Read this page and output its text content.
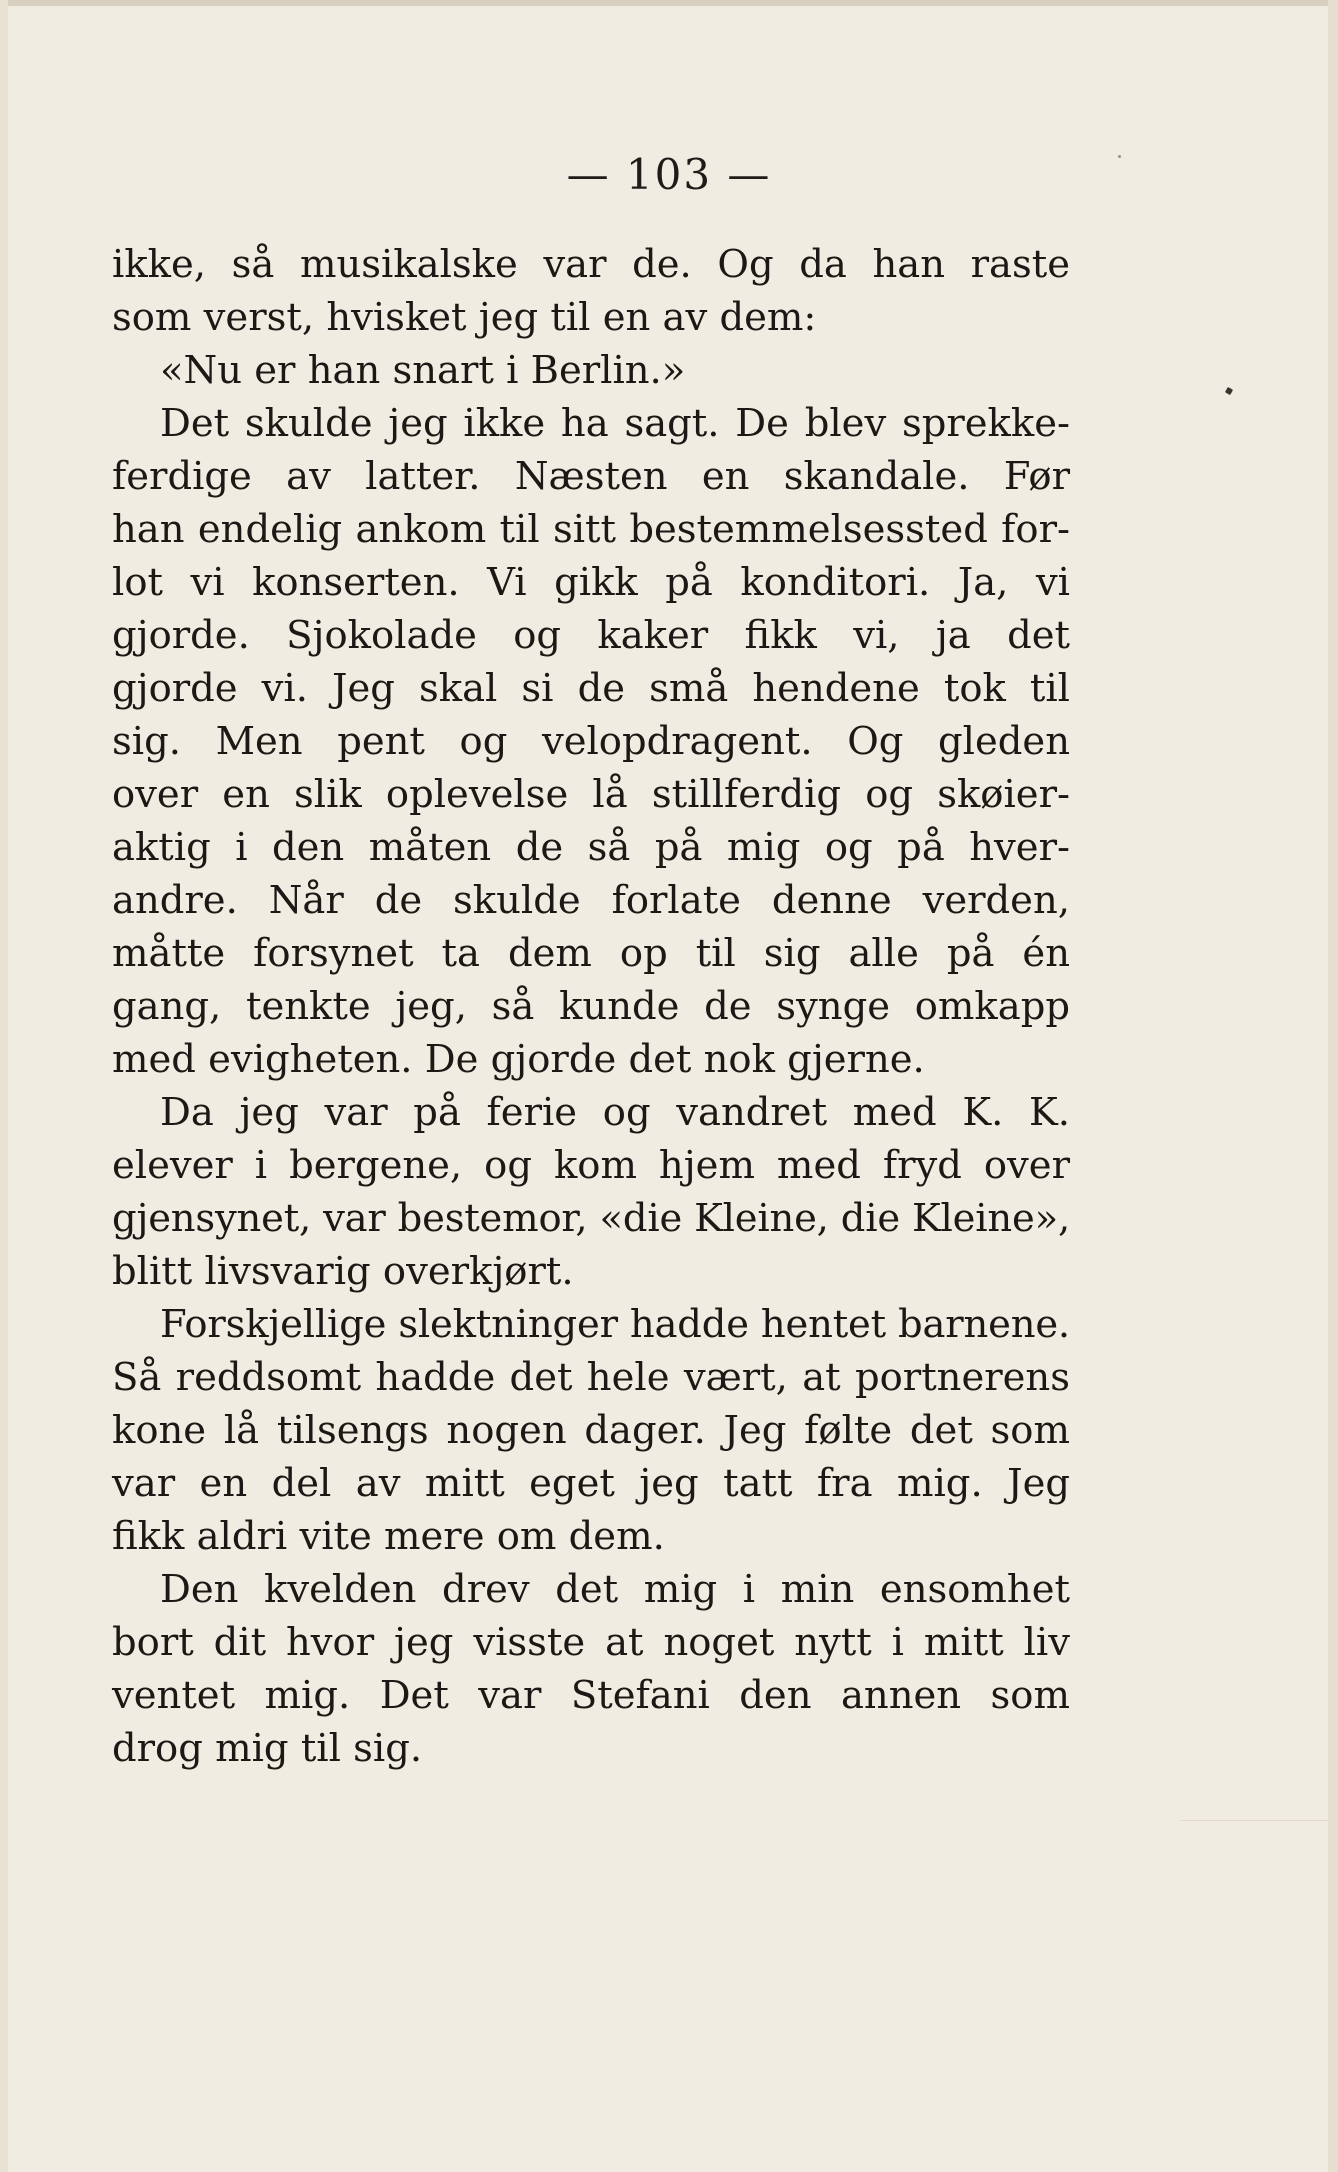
— 103 —
ikke, så musikalske var de. Og da han raste
som verst, hvisket jeg til en av dem:
«Nu er han snart i Berlin.»
Det skulde jeg ikke ha sagt. De blev sprekke-
ferdige av latter. Næsten en skandale. Før
han endelig ankom til sitt bestemmelsessted for-
lot vi konserten. Vi gikk på konditori. Ja, vi
gjorde. Sjokolade og kaker fikk vi, ja det
gjorde vi. Jeg skal si de små hendene tok til
sig. Men pent og velopdragent. Og gleden
over en slik oplevelse lå stillferdig og skøier-
aktig i den måten de så på mig og på hver-
andre. Når de skulde forlate denne verden,
måtte forsynet ta dem op til sig alle på én
gang, tenkte jeg, så kunde de synge omkapp
med evigheten. De gjorde det nok gjerne.
Da jeg var på ferie og vandret med K. K.
elever i bergene, og kom hjem med fryd over
gjensynet, var bestemor, «die Kleine, die Kleine»,
blitt livsvarig overkjørt.
Forskjellige slektninger hadde hentet barnene.
Så reddsomt hadde det hele vært, at portnerens
kone lå tilsengs nogen dager. Jeg følte det som
var en del av mitt eget jeg tatt fra mig. Jeg
fikk aldri vite mere om dem.
Den kvelden drev det mig i min ensomhet
bort dit hvor jeg visste at noget nytt i mitt liv
ventet mig. Det var Stefani den annen som
drog mig til sig.
